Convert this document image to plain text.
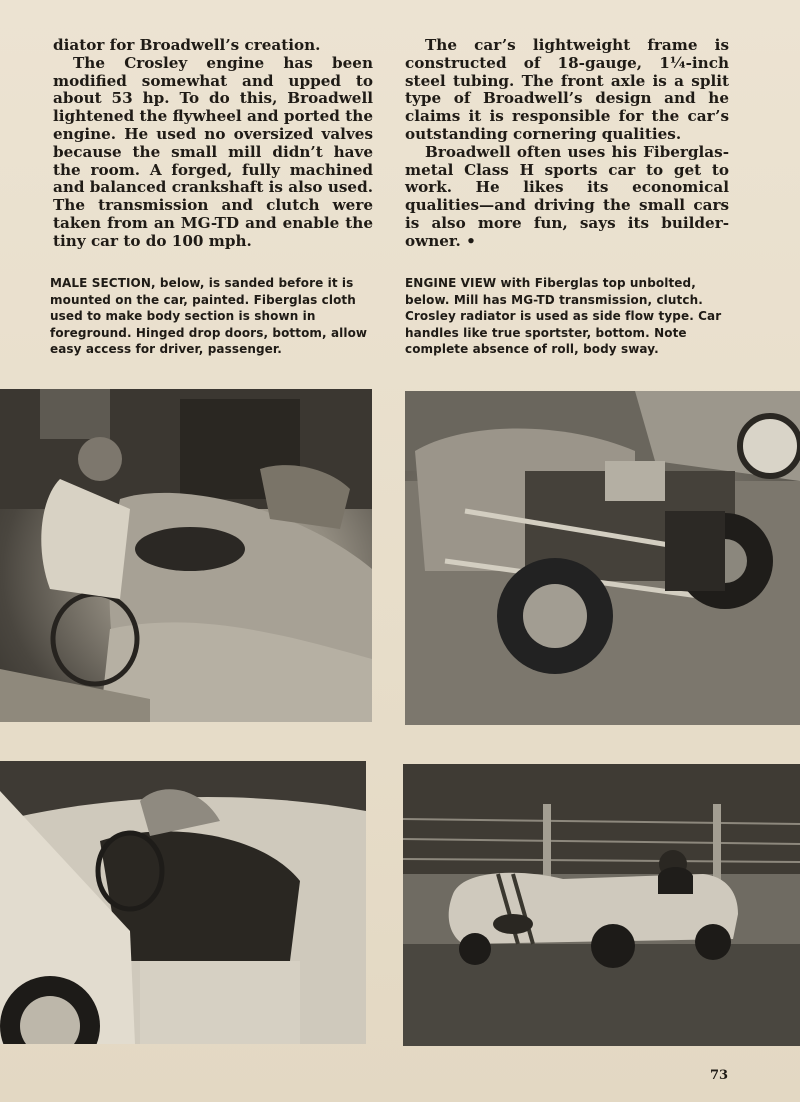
diator for Broadwell’s creation.

The Crosley engine has been modified somewhat and upped to about 53 hp. To do this, Broadwell lightened the flywheel and ported the engine. He used no oversized valves because the small mill didn’t have the room. A forged, fully machined and balanced crankshaft is also used. The transmission and clutch were taken from an MG-TD and enable the tiny car to do 100 mph.

The car’s lightweight frame is constructed of 18-gauge, 1¼-inch steel tubing. The front axle is a split type of Broadwell’s design and he claims it is responsible for the car’s outstanding cornering qualities.

Broadwell often uses his Fiberglas-metal Class H sports car to get to work. He likes its economical qualities—and driving the small cars is also more fun, says its builder-owner. •

MALE SECTION, below, is sanded before it is mounted on the car, painted. Fiberglas cloth used to make body section is shown in foreground. Hinged drop doors, bottom, allow easy access for driver, passenger.
ENGINE VIEW with Fiberglas top unbolted, below. Mill has MG-TD transmission, clutch. Crosley radiator is used as side flow type. Car handles like true sportster, bottom. Note complete absence of roll, body sway.
73
